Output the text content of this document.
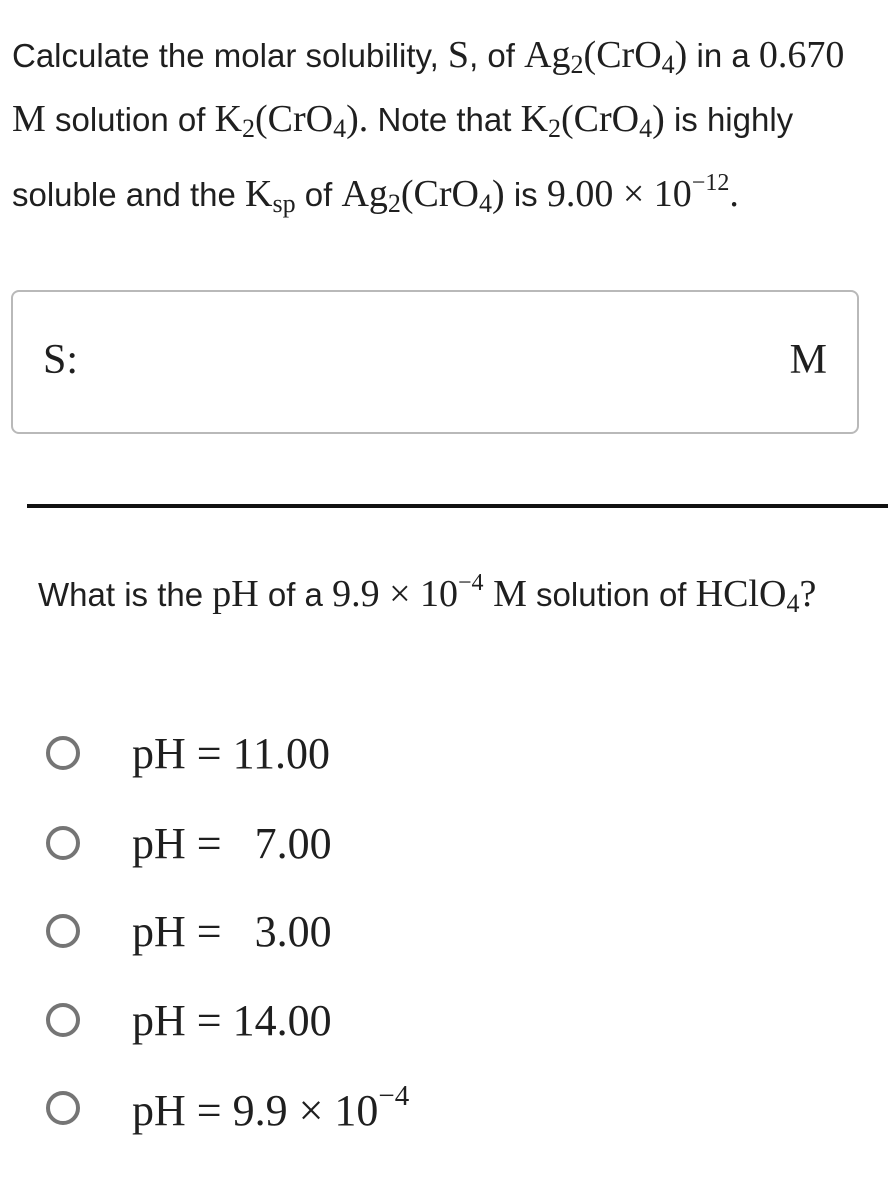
Calculate the molar solubility, S, of Ag2(CrO4) in a 0.670 M solution of K2(CrO4). Note that K2(CrO4) is highly soluble and the Ksp of Ag2(CrO4) is $9.00 \times 10^{-12}$.
S:	M
What is the pH of a $9.9 \times 10^{-4}$ M solution of HClO4?
pH = 11.00
pH =   7.00
pH =   3.00
pH = 14.00
pH = $9.9 \times 10^{-4}$
